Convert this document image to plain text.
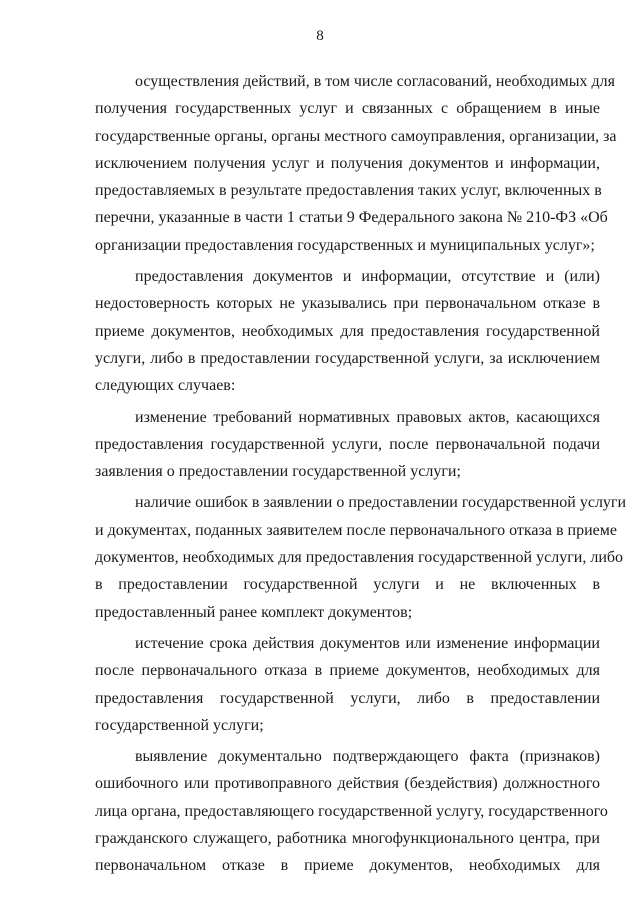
8
осуществления действий, в том числе согласований, необходимых для
получения государственных услуг и связанных с обращением в иные
государственные органы, органы местного самоуправления, организации, за
исключением получения услуг и получения документов и информации,
предоставляемых в результате предоставления таких услуг, включенных в
перечни, указанные в части 1 статьи 9 Федерального закона № 210-ФЗ «Об
организации предоставления государственных и муниципальных услуг»;
предоставления документов и информации, отсутствие и (или)
недостоверность которых не указывались при первоначальном отказе в
приеме документов, необходимых для предоставления государственной
услуги, либо в предоставлении государственной услуги, за исключением
следующих случаев:
изменение требований нормативных правовых актов, касающихся
предоставления государственной услуги, после первоначальной подачи
заявления о предоставлении государственной услуги;
наличие ошибок в заявлении о предоставлении государственной услуги
и документах, поданных заявителем после первоначального отказа в приеме
документов, необходимых для предоставления государственной услуги, либо
в предоставлении государственной услуги и не включенных в
предоставленный ранее комплект документов;
истечение срока действия документов или изменение информации
после первоначального отказа в приеме документов, необходимых для
предоставления государственной услуги, либо в предоставлении
государственной услуги;
выявление документально подтверждающего факта (признаков)
ошибочного или противоправного действия (бездействия) должностного
лица органа, предоставляющего государственной услугу, государственного
гражданского служащего, работника многофункционального центра, при
первоначальном отказе в приеме документов, необходимых для
